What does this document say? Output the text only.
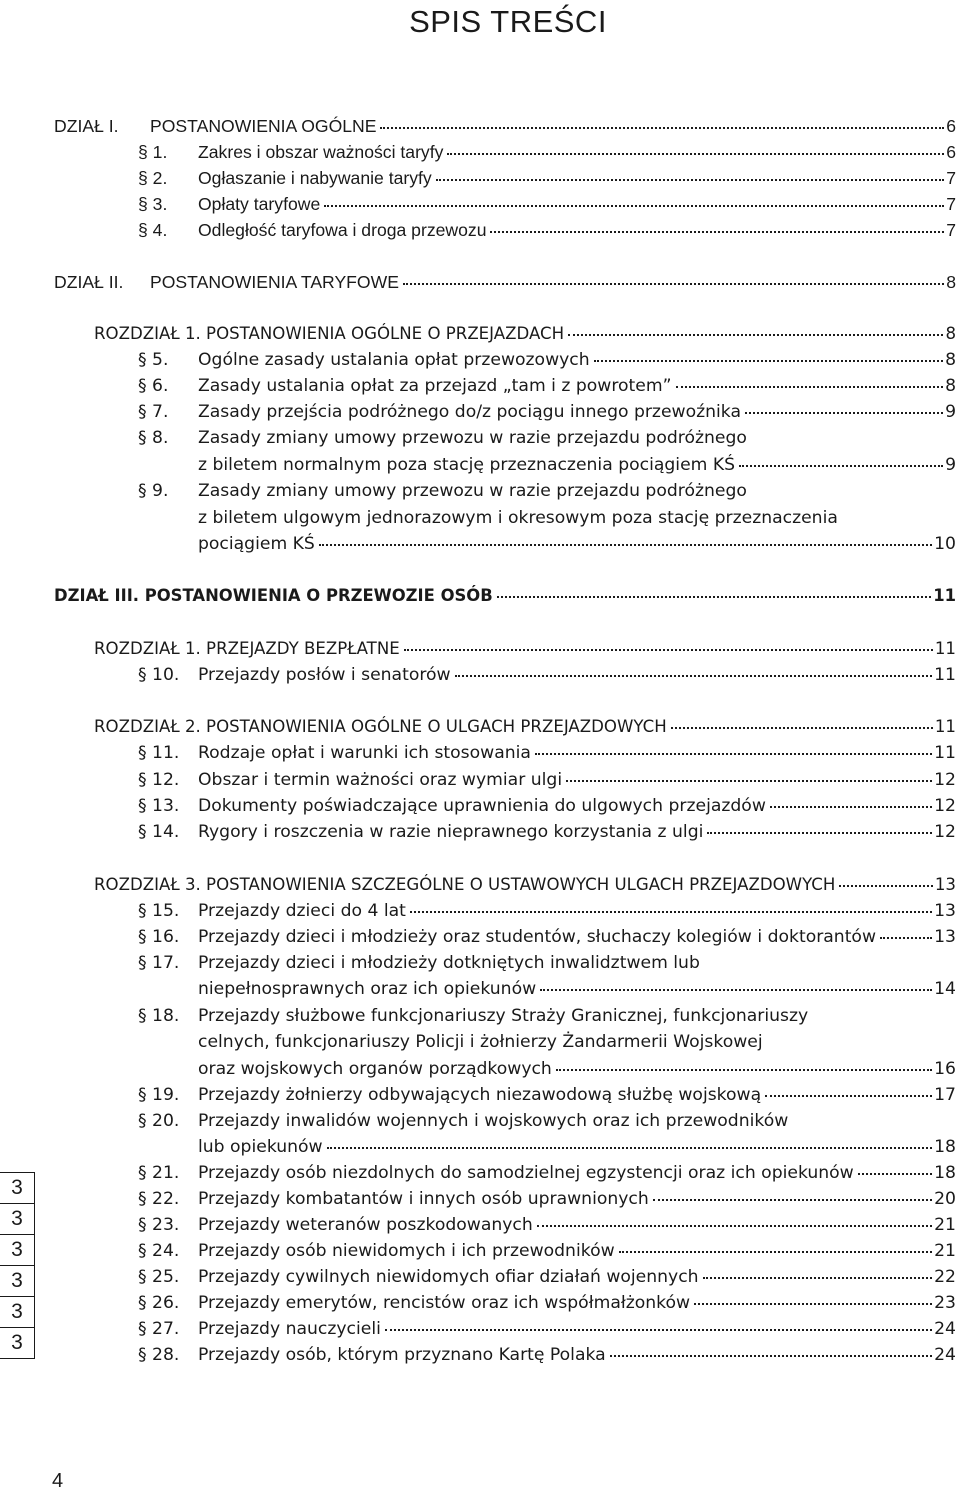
SPIS TREŚCI
DZIAŁ I.	POSTANOWIENIA OGÓLNE	6
§ 1.	Zakres i obszar ważności taryfy	6
§ 2.	Ogłaszanie i nabywanie taryfy	7
§ 3.	Opłaty taryfowe	7
§ 4.	Odległość taryfowa i droga przewozu	7
DZIAŁ II.	POSTANOWIENIA TARYFOWE	8
ROZDZIAŁ 1. POSTANOWIENIA OGÓLNE O PRZEJAZDACH	8
§ 5.	Ogólne zasady ustalania opłat przewozowych	8
§ 6.	Zasady ustalania opłat za przejazd „tam i z powrotem”	8
§ 7.	Zasady przejścia podróżnego do/z pociągu innego przewoźnika	9
§ 8.	Zasady zmiany umowy przewozu w razie przejazdu podróżnego
z biletem normalnym poza stację przeznaczenia pociągiem KŚ	9
§ 9.	Zasady zmiany umowy przewozu w razie przejazdu podróżnego
z biletem ulgowym jednorazowym i okresowym poza stację przeznaczenia
pociągiem KŚ	10
DZIAŁ III. POSTANOWIENIA O PRZEWOZIE OSÓB	11
ROZDZIAŁ 1. PRZEJAZDY BEZPŁATNE	11
§ 10.	Przejazdy posłów i senatorów	11
ROZDZIAŁ 2. POSTANOWIENIA OGÓLNE O ULGACH PRZEJAZDOWYCH	11
§ 11.	Rodzaje opłat i warunki ich stosowania	11
§ 12.	Obszar i termin ważności oraz wymiar ulgi	12
§ 13.	Dokumenty poświadczające uprawnienia do ulgowych przejazdów	12
§ 14.	Rygory i roszczenia w razie nieprawnego korzystania z ulgi	12
ROZDZIAŁ 3. POSTANOWIENIA SZCZEGÓLNE O USTAWOWYCH ULGACH PRZEJAZDOWYCH	13
§ 15.	Przejazdy dzieci do 4 lat	13
§ 16.	Przejazdy dzieci i młodzieży oraz studentów, słuchaczy kolegiów i doktorantów	13
§ 17.	Przejazdy dzieci i młodzieży dotkniętych inwalidztwem lub
niepełnosprawnych oraz ich opiekunów	14
§ 18.	Przejazdy służbowe funkcjonariuszy Straży Granicznej, funkcjonariuszy
celnych, funkcjonariuszy Policji i żołnierzy Żandarmerii Wojskowej
oraz wojskowych organów porządkowych	16
§ 19.	Przejazdy żołnierzy odbywających niezawodową służbę wojskową	17
§ 20.	Przejazdy inwalidów wojennych i wojskowych oraz ich przewodników
lub opiekunów	18
§ 21.	Przejazdy osób niezdolnych do samodzielnej egzystencji oraz ich opiekunów	18
§ 22.	Przejazdy kombatantów i innych osób uprawnionych	20
§ 23.	Przejazdy weteranów poszkodowanych	21
§ 24.	Przejazdy osób niewidomych i ich przewodników	21
§ 25.	Przejazdy cywilnych niewidomych ofiar działań wojennych	22
§ 26.	Przejazdy emerytów, rencistów oraz ich współmałżonków	23
§ 27.	Przejazdy nauczycieli	24
§ 28.	Przejazdy osób, którym przyznano Kartę Polaka	24
3
3
3
3
3
3
4
